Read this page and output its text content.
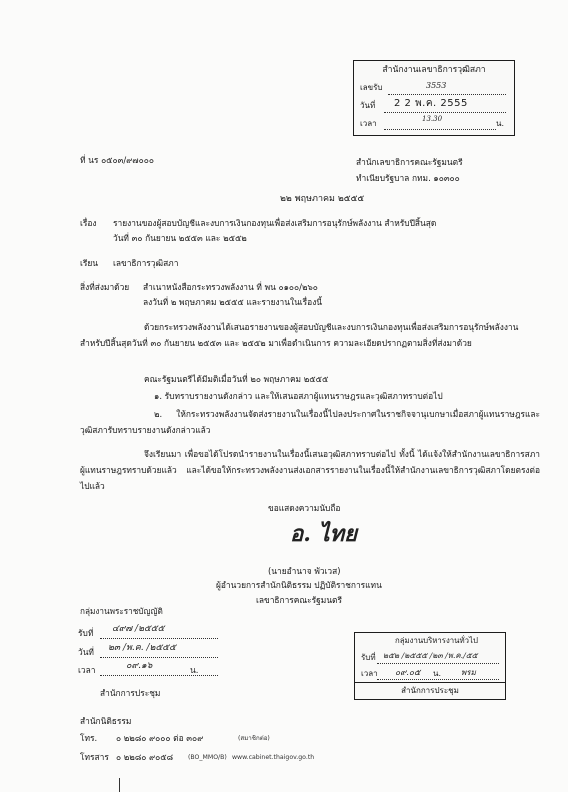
สำนักงานเลขาธิการวุฒิสภา
เลขรับ	3553
วันที่ 2 2 พ.ค. 2555
เวลา	13.30	น.
ที่ นร ๐๕๐๓/๙๗๐๐๐	สำนักเลขาธิการคณะรัฐมนตรี
ทำเนียบรัฐบาล กทม. ๑๐๓๐๐
๒๒ พฤษภาคม ๒๕๕๕
เรื่อง รายงานของผู้สอบบัญชีและงบการเงินกองทุนเพื่อส่งเสริมการอนุรักษ์พลังงาน สำหรับปีสิ้นสุด
วันที่ ๓๐ กันยายน ๒๕๕๓ และ ๒๕๕๒
เรียน เลขาธิการวุฒิสภา
สิ่งที่ส่งมาด้วย สำเนาหนังสือกระทรวงพลังงาน ที่ พน ๐๑๐๐/๒๖๐
ลงวันที่ ๒ พฤษภาคม ๒๕๕๕ และรายงานในเรื่องนี้
ด้วยกระทรวงพลังงานได้เสนอรายงานของผู้สอบบัญชีและงบการเงินกองทุนเพื่อส่งเสริมการอนุรักษ์พลังงาน สำหรับปีสิ้นสุดวันที่ ๓๐ กันยายน ๒๕๕๓ และ ๒๕๕๒ มาเพื่อดำเนินการ ความละเอียดปรากฏตามสิ่งที่ส่งมาด้วย
คณะรัฐมนตรีได้มีมติเมื่อวันที่ ๒๐ พฤษภาคม ๒๕๕๕
๑. รับทราบรายงานดังกล่าว และให้เสนอสภาผู้แทนราษฎรและวุฒิสภาทราบต่อไป
๒. ให้กระทรวงพลังงานจัดส่งรายงานในเรื่องนี้ไปลงประกาศในราชกิจจานุเบกษาเมื่อสภาผู้แทนราษฎรและวุฒิสภารับทราบรายงานดังกล่าวแล้ว
จึงเรียนมา เพื่อขอได้โปรดนำรายงานในเรื่องนี้เสนอวุฒิสภาทราบต่อไป ทั้งนี้ ได้แจ้งให้สำนักงานเลขาธิการสภาผู้แทนราษฎรทราบด้วยแล้ว และได้ขอให้กระทรวงพลังงานส่งเอกสารรายงานในเรื่องนี้ให้สำนักงานเลขาธิการวุฒิสภาโดยตรงต่อไปแล้ว
ขอแสดงความนับถือ
อ. ไทย
(นายอำนาจ พัวเวส)
ผู้อำนวยการสำนักนิติธรรม ปฏิบัติราชการแทน
เลขาธิการคณะรัฐมนตรี
กลุ่มงานพระราชบัญญัติ
รับที่ ๔๙๗ /๒๕๕๕
วันที่ ๒๓ /พ.ค. /๒๕๕๕
เวลา	๐๙.๑๖	น.
สำนักการประชุม
กลุ่มงานบริหารงานทั่วไป
รับที่ ๒๕๒ /๒๕๕๕ /๒๓ /พ.ค./๕๕
เวลา ๐๙.๐๕ น. พรม
สำนักการประชุม
สำนักนิติธรรม
โทร. ๐ ๒๒๘๐ ๙๐๐๐ ต่อ ๓๐๙	(สมาชิกต่อ)
โทรสาร ๐ ๒๒๘๐ ๙๐๕๘ (BO_MMO/B) www.cabinet.thaigov.go.th
